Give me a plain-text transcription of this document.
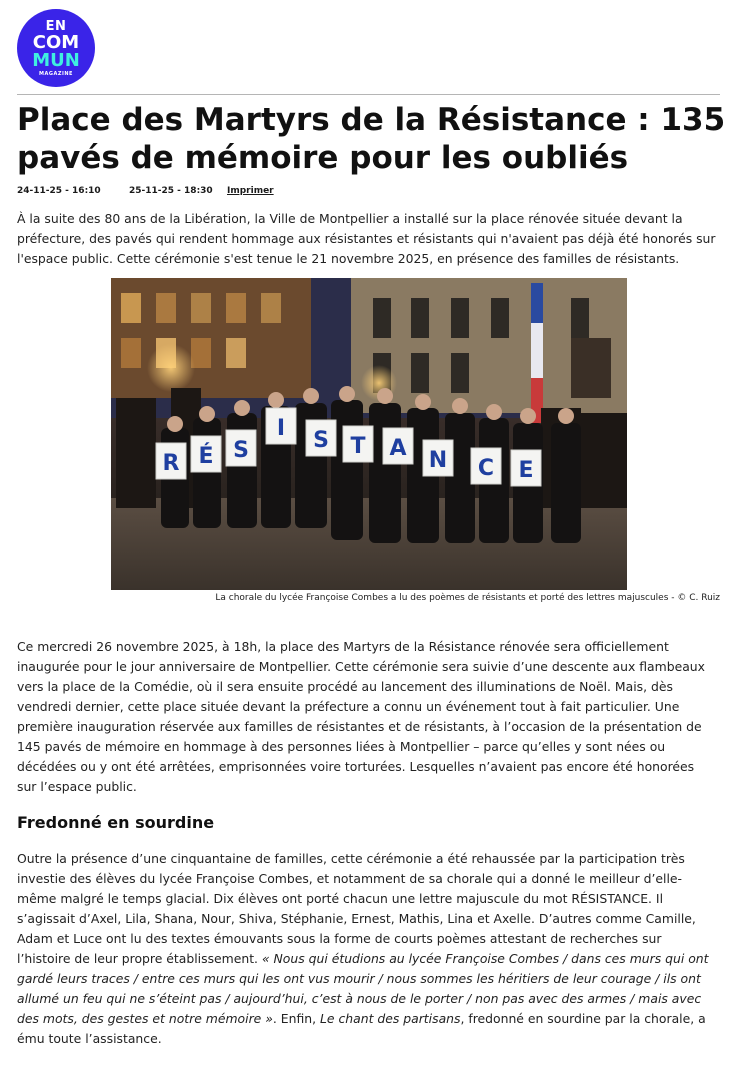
EN
COM
MUN
MAGAZINE
Place des Martyrs de la Résistance : 135 pavés de mémoire pour les oubliés
24-11-25 - 16:10	25-11-25 - 18:30 Imprimer

À la suite des 80 ans de la Libération, la Ville de Montpellier a installé sur la place rénovée située devant la préfecture, des pavés qui rendent hommage aux résistantes et résistants qui n'avaient pas déjà été honorés sur l'espace public. Cette cérémonie s'est tenue le 21 novembre 2025, en présence des familles de résistants.

R É S
I S T A N C E
La chorale du lycée Françoise Combes a lu des poèmes de résistants et porté des lettres majuscules - © C. Ruiz

Ce mercredi 26 novembre 2025, à 18h, la place des Martyrs de la Résistance rénovée sera officiellement inaugurée pour le jour anniversaire de Montpellier. Cette cérémonie sera suivie d’une descente aux flambeaux vers la place de la Comédie, où il sera ensuite procédé au lancement des illuminations de Noël. Mais, dès vendredi dernier, cette place située devant la préfecture a connu un événement tout à fait particulier. Une première inauguration réservée aux familles de résistantes et de résistants, à l’occasion de la présentation de 145 pavés de mémoire en hommage à des personnes liées à Montpellier – parce qu’elles y sont nées ou décédées ou y ont été arrêtées, emprisonnées voire torturées. Lesquelles n’avaient pas encore été honorées sur l’espace public.

Fredonné en sourdine

Outre la présence d’une cinquantaine de familles, cette cérémonie a été rehaussée par la participation très investie des élèves du lycée Françoise Combes, et notamment de sa chorale qui a donné le meilleur d’elle-même malgré le temps glacial. Dix élèves ont porté chacun une lettre majuscule du mot RÉSISTANCE. Il s’agissait d’Axel, Lila, Shana, Nour, Shiva, Stéphanie, Ernest, Mathis, Lina et Axelle. D’autres comme Camille, Adam et Luce ont lu des textes émouvants sous la forme de courts poèmes attestant de recherches sur l’histoire de leur propre établissement. « Nous qui étudions au lycée Françoise Combes / dans ces murs qui ont gardé leurs traces / entre ces murs qui les ont vus mourir / nous sommes les héritiers de leur courage / ils ont allumé un feu qui ne s’éteint pas / aujourd’hui, c’est à nous de le porter / non pas avec des armes / mais avec des mots, des gestes et notre mémoire ». Enfin, Le chant des partisans, fredonné en sourdine par la chorale, a ému toute l’assistance.
